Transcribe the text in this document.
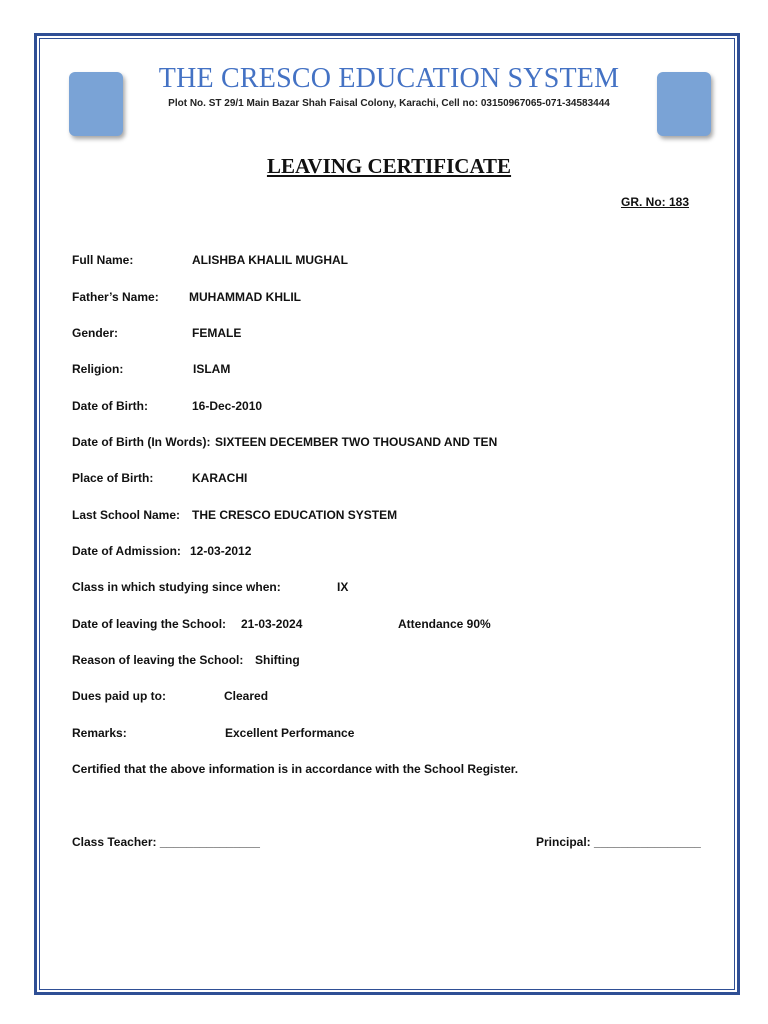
THE CRESCO EDUCATION SYSTEM
Plot No. ST 29/1 Main Bazar Shah Faisal Colony, Karachi, Cell no: 03150967065-071-34583444
LEAVING CERTIFICATE
GR. No: 183
Full Name:	ALISHBA KHALIL MUGHAL
Father’s Name:	MUHAMMAD KHLIL
Gender:	FEMALE
Religion:	ISLAM
Date of Birth:	16-Dec-2010
Date of Birth (In Words): SIXTEEN DECEMBER TWO THOUSAND AND TEN
Place of Birth:	KARACHI
Last School Name: THE CRESCO EDUCATION SYSTEM
Date of Admission: 12-03-2012
Class in which studying since when:	IX
Date of leaving the School: 21-03-2024	Attendance 90%
Reason of leaving the School: Shifting
Dues paid up to:	Cleared
Remarks:	Excellent Performance
Certified that the above information is in accordance with the School Register.
Class Teacher: _______________	Principal: ________________
